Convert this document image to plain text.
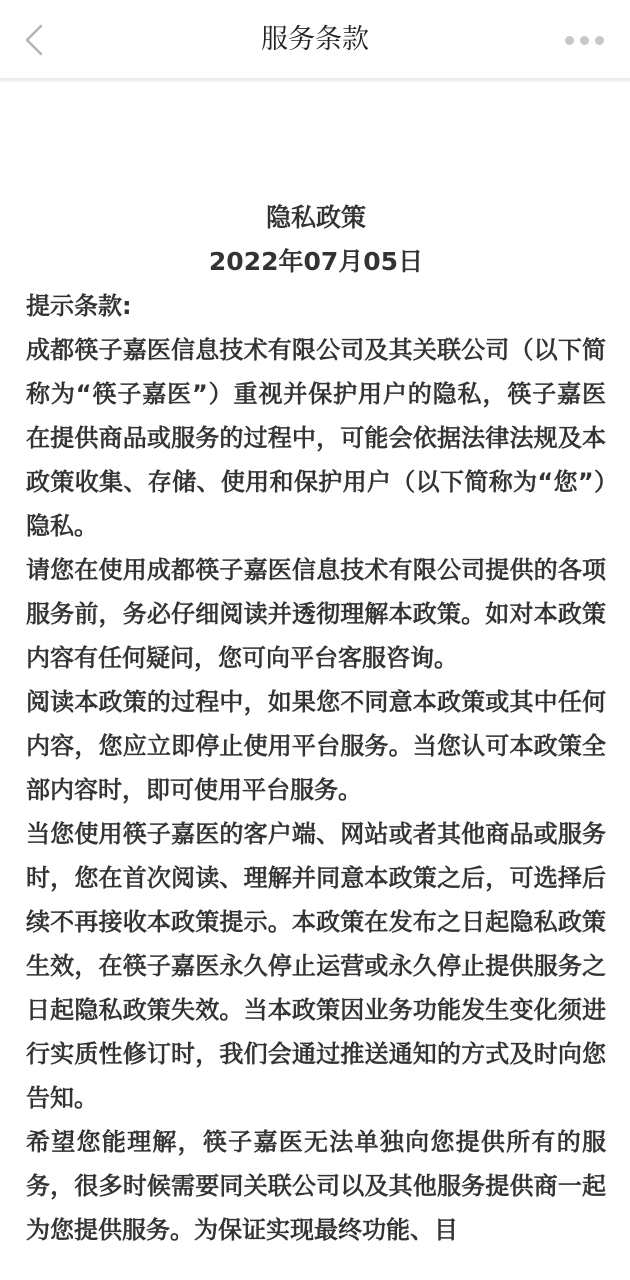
服务条款
隐私政策
2022年07月05日
提示条款:

成都筷子嘉医信息技术有限公司及其关联公司（以下简称为“筷子嘉医”）重视并保护用户的隐私，筷子嘉医在提供商品或服务的过程中，可能会依据法律法规及本政策收集、存储、使用和保护用户（以下简称为“您”）隐私。

请您在使用成都筷子嘉医信息技术有限公司提供的各项服务前，务必仔细阅读并透彻理解本政策。如对本政策内容有任何疑问，您可向平台客服咨询。

阅读本政策的过程中，如果您不同意本政策或其中任何内容，您应立即停止使用平台服务。当您认可本政策全部内容时，即可使用平台服务。

当您使用筷子嘉医的客户端、网站或者其他商品或服务时，您在首次阅读、理解并同意本政策之后，可选择后续不再接收本政策提示。本政策在发布之日起隐私政策生效，在筷子嘉医永久停止运营或永久停止提供服务之日起隐私政策失效。当本政策因业务功能发生变化须进行实质性修订时，我们会通过推送通知的方式及时向您告知。

希望您能理解，筷子嘉医无法单独向您提供所有的服务，很多时候需要同关联公司以及其他服务提供商一起为您提供服务。为保证实现最终功能、目
